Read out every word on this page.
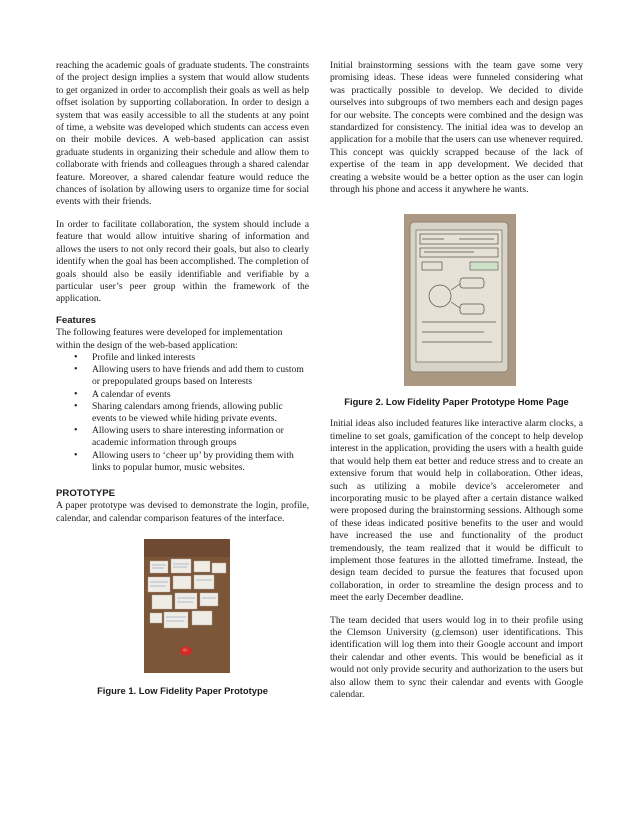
reaching the academic goals of graduate students. The constraints of the project design implies a system that would allow students to get organized in order to accomplish their goals as well as help offset isolation by supporting collaboration. In order to design a system that was easily accessible to all the students at any point of time, a website was developed which students can access even on their mobile devices. A web-based application can assist graduate students in organizing their schedule and allow them to collaborate with friends and colleagues through a shared calendar feature. Moreover, a shared calendar feature would reduce the chances of isolation by allowing users to organize time for social events with their friends.

In order to facilitate collaboration, the system should include a feature that would allow intuitive sharing of information and allows the users to not only record their goals, but also to clearly identify when the goal has been accomplished. The completion of goals should also be easily identifiable and verifiable by a particular user’s peer group within the framework of the application.

Features

The following features were developed for implementation within the design of the web-based application:

• Profile and linked interests
• Allowing users to have friends and add them to custom or prepopulated groups based on Interests
• A calendar of events
• Sharing calendars among friends, allowing public events to be viewed while hiding private events.
• Allowing users to share interesting information or academic information through groups
• Allowing users to ‘cheer up’ by providing them with links to popular humor, music websites.
PROTOTYPE

A paper prototype was devised to demonstrate the login, profile, calendar, and calendar comparison features of the interface.

Figure 1. Low Fidelity Paper Prototype

Initial brainstorming sessions with the team gave some very promising ideas. These ideas were funneled considering what was practically possible to develop. We decided to divide ourselves into subgroups of two members each and design pages for our website. The concepts were combined and the design was standardized for consistency. The initial idea was to develop an application for a mobile that the users can use whenever required. This concept was quickly scrapped because of the lack of expertise of the team in app development. We decided that creating a website would be a better option as the user can login through his phone and access it anywhere he wants.

Figure 2. Low Fidelity Paper Prototype Home Page

Initial ideas also included features like interactive alarm clocks, a timeline to set goals, gamification of the concept to help develop interest in the application, providing the users with a health guide that would help them eat better and reduce stress and to create an extensive forum that would help in collaboration. Other ideas, such as utilizing a mobile device’s accelerometer and incorporating music to be played after a certain distance walked were proposed during the brainstorming sessions. Although some of these ideas indicated positive benefits to the user and would have increased the use and functionality of the product tremendously, the team realized that it would be difficult to implement those features in the allotted timeframe. Instead, the design team decided to pursue the features that focused upon collaboration, in order to streamline the design process and to meet the early December deadline.

The team decided that users would log in to their profile using the Clemson University (g.clemson) user identifications. This identification will log them into their Google account and import their calendar and other events. This would be beneficial as it would not only provide security and authorization to the users but also allow them to sync their calendar and events with Google calendar.
